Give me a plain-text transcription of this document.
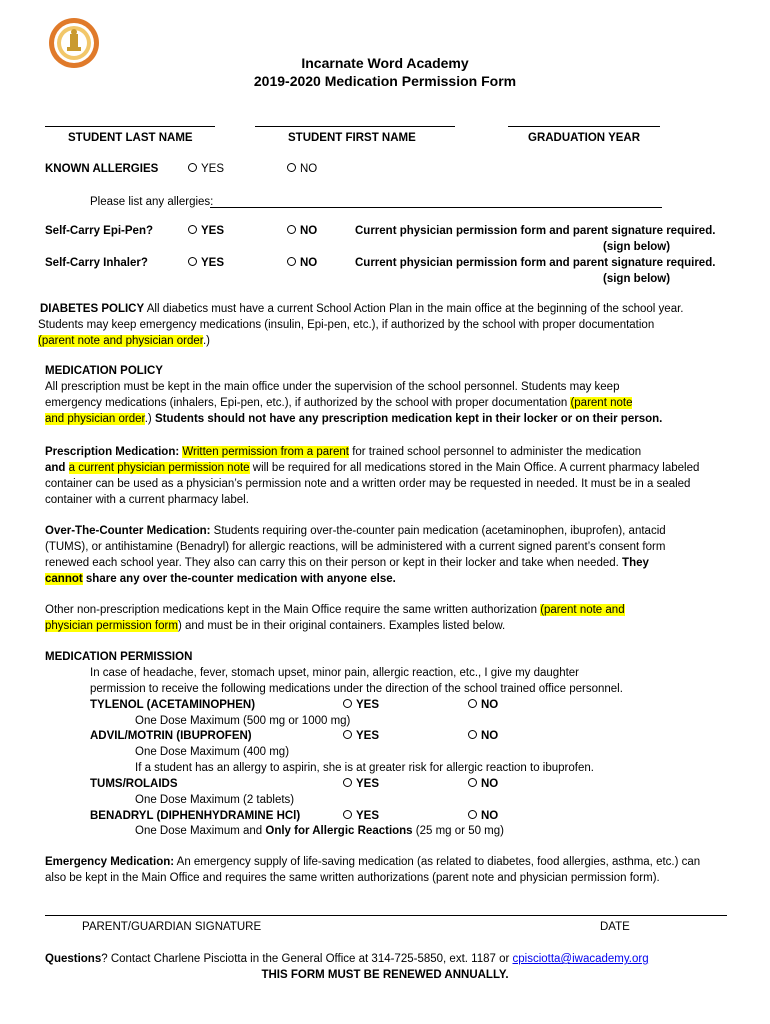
Incarnate Word Academy
2019-2020 Medication Permission Form
STUDENT LAST NAME	STUDENT FIRST NAME	GRADUATION YEAR
KNOWN ALLERGIES	YES	NO
Please list any allergies:
Self-Carry Epi-Pen?	YES	NO	Current physician permission form and parent signature required.
(sign below)
Self-Carry Inhaler?	YES	NO	Current physician permission form and parent signature required.
(sign below)
DIABETES POLICY All diabetics must have a current School Action Plan in the main office at the beginning of the school year.
Students may keep emergency medications (insulin, Epi-pen, etc.), if authorized by the school with proper documentation
(parent note and physician order.)
MEDICATION POLICY
All prescription must be kept in the main office under the supervision of the school personnel. Students may keep
emergency medications (inhalers, Epi-pen, etc.), if authorized by the school with proper documentation (parent note
and physician order.) Students should not have any prescription medication kept in their locker or on their person.
Prescription Medication: Written permission from a parent for trained school personnel to administer the medication
and a current physician permission note will be required for all medications stored in the Main Office. A current pharmacy labeled
container can be used as a physician’s permission note and a written order may be requested in needed. It must be in a sealed
container with a current pharmacy label.
Over-The-Counter Medication: Students requiring over-the-counter pain medication (acetaminophen, ibuprofen), antacid
(TUMS), or antihistamine (Benadryl) for allergic reactions, will be administered with a current signed parent’s consent form
renewed each school year. They also can carry this on their person or kept in their locker and take when needed. They
cannot share any over the-counter medication with anyone else.
Other non-prescription medications kept in the Main Office require the same written authorization (parent note and
physician permission form) and must be in their original containers. Examples listed below.
MEDICATION PERMISSION
In case of headache, fever, stomach upset, minor pain, allergic reaction, etc., I give my daughter
permission to receive the following medications under the direction of the school trained office personnel.
TYLENOL (ACETAMINOPHEN)	YES	NO
One Dose Maximum (500 mg or 1000 mg)
ADVIL/MOTRIN (IBUPROFEN)	YES	NO
One Dose Maximum (400 mg)
If a student has an allergy to aspirin, she is at greater risk for allergic reaction to ibuprofen.
TUMS/ROLAIDS	YES	NO
One Dose Maximum (2 tablets)
BENADRYL (DIPHENHYDRAMINE HCl)	YES	NO
One Dose Maximum and Only for Allergic Reactions (25 mg or 50 mg)
Emergency Medication: An emergency supply of life-saving medication (as related to diabetes, food allergies, asthma, etc.) can
also be kept in the Main Office and requires the same written authorizations (parent note and physician permission form).
PARENT/GUARDIAN SIGNATURE	DATE
Questions? Contact Charlene Pisciotta in the General Office at 314-725-5850, ext. 1187 or cpisciotta@iwacademy.org
THIS FORM MUST BE RENEWED ANNUALLY.
